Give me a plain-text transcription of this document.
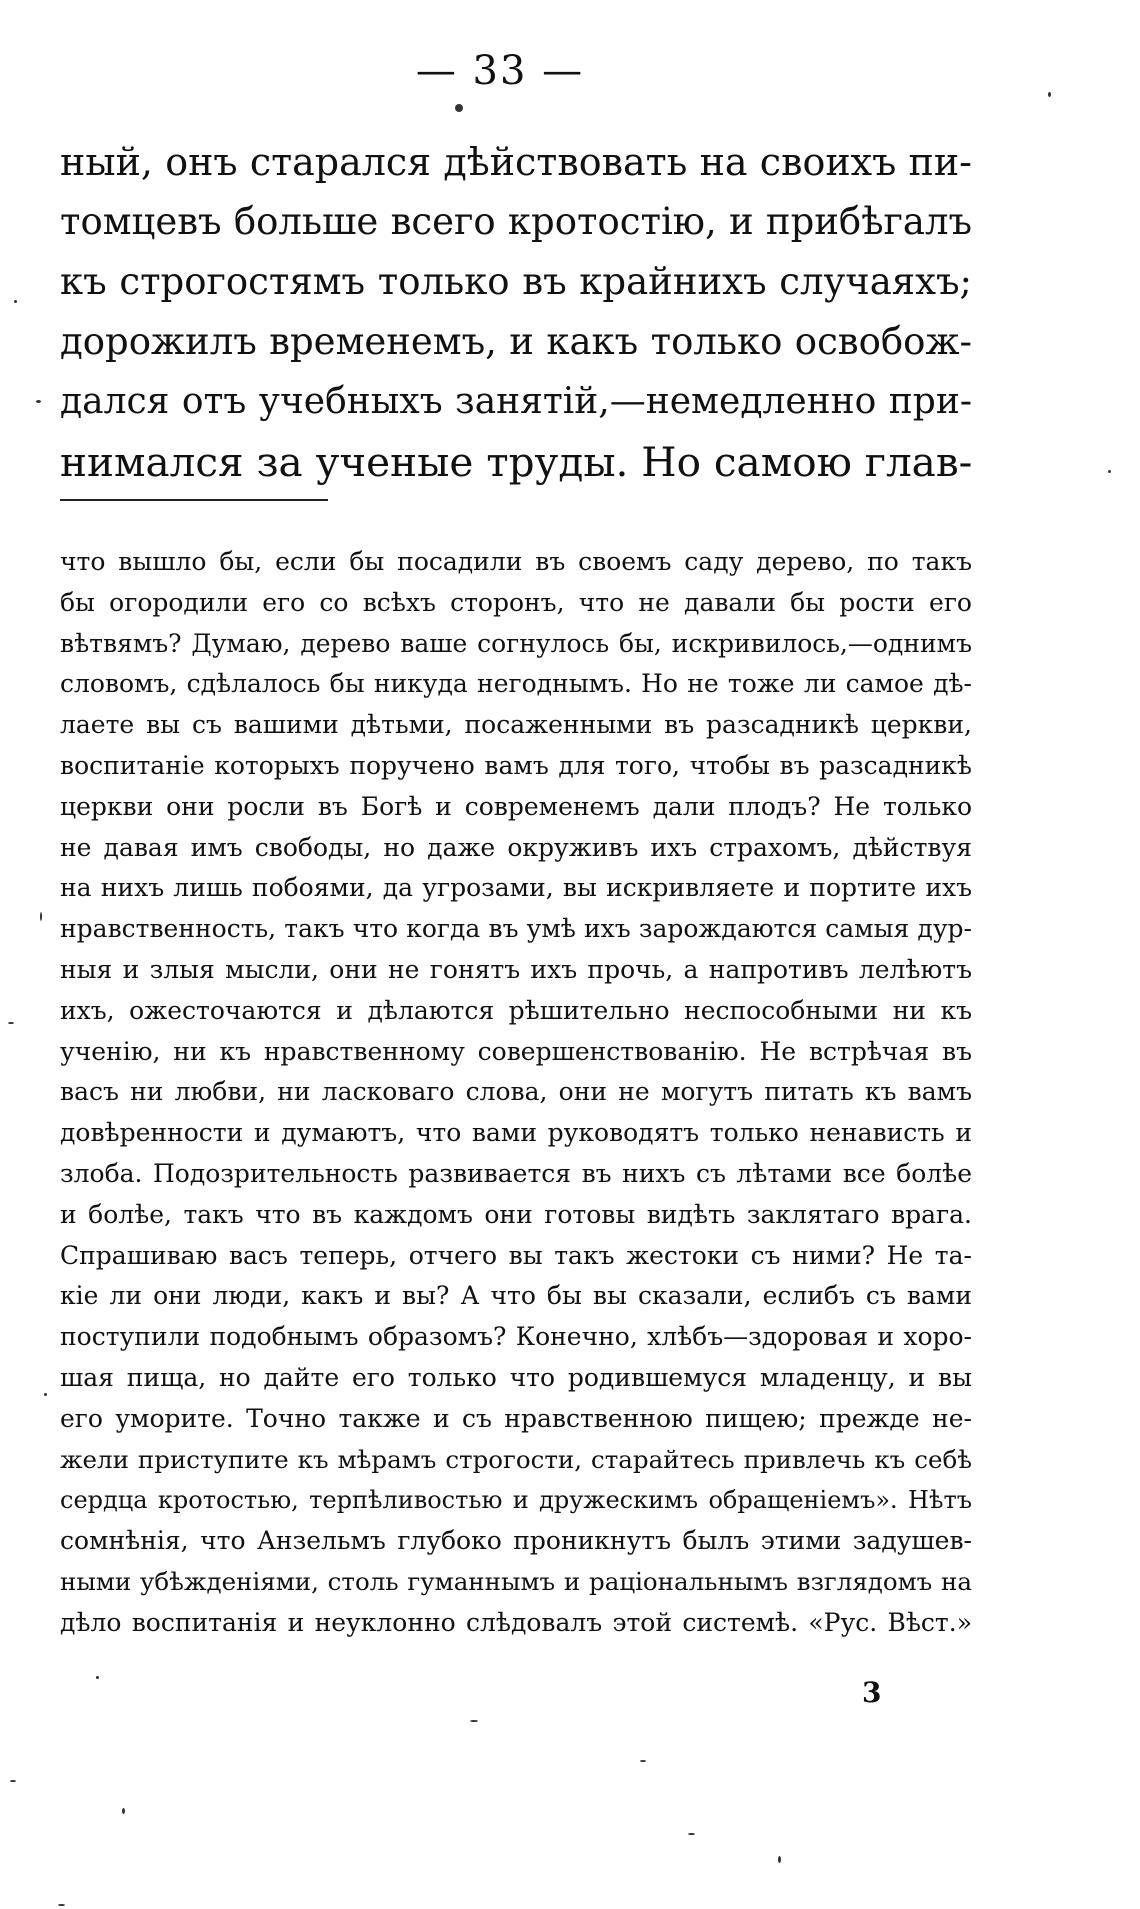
— 33 —
ный, онъ старался дѣйствовать на своихъ пи-
томцевъ больше всего кротостію, и прибѣгалъ
къ строгостямъ только въ крайнихъ случаяхъ;
дорожилъ временемъ, и какъ только освобож-
дался отъ учебныхъ занятій,—немедленно при-
нимался за ученые труды. Но самою глав-
что вышло бы, если бы посадили въ своемъ саду дерево, по такъ
бы огородили его со всѣхъ сторонъ, что не давали бы рости его
вѣтвямъ? Думаю, дерево ваше согнулось бы, искривилось,—однимъ
словомъ, сдѣлалось бы никуда негоднымъ. Но не тоже ли самое дѣ-
лаете вы съ вашими дѣтьми, посаженными въ разсадникѣ церкви,
воспитаніе которыхъ поручено вамъ для того, чтобы въ разсадникѣ
церкви они росли въ Богѣ и современемъ дали плодъ? Не только
не давая имъ свободы, но даже окруживъ ихъ страхомъ, дѣйствуя
на нихъ лишь побоями, да угрозами, вы искривляете и портите ихъ
нравственность, такъ что когда въ умѣ ихъ зарождаются самыя дур-
ныя и злыя мысли, они не гонятъ ихъ прочь, а напротивъ лелѣютъ
ихъ, ожесточаются и дѣлаются рѣшительно неспособными ни къ
ученію, ни къ нравственному совершенствованію. Не встрѣчая въ
васъ ни любви, ни ласковаго слова, они не могутъ питать къ вамъ
довѣренности и думаютъ, что вами руководятъ только ненависть и
злоба. Подозрительность развивается въ нихъ съ лѣтами все болѣе
и болѣе, такъ что въ каждомъ они готовы видѣть заклятаго врага.
Спрашиваю васъ теперь, отчего вы такъ жестоки съ ними? Не та-
кіе ли они люди, какъ и вы? А что бы вы сказали, еслибъ съ вами
поступили подобнымъ образомъ? Конечно, хлѣбъ—здоровая и хоро-
шая пища, но дайте его только что родившемуся младенцу, и вы
его уморите. Точно также и съ нравственною пищею; прежде не-
жели приступите къ мѣрамъ строгости, старайтесь привлечь къ себѣ
сердца кротостью, терпѣливостью и дружескимъ обращеніемъ». Нѣтъ
сомнѣнія, что Анзельмъ глубоко проникнутъ былъ этими задушев-
ными убѣжденіями, столь гуманнымъ и раціональнымъ взглядомъ на
дѣло воспитанія и неуклонно слѣдовалъ этой системѣ. «Рус. Вѣст.»
3
